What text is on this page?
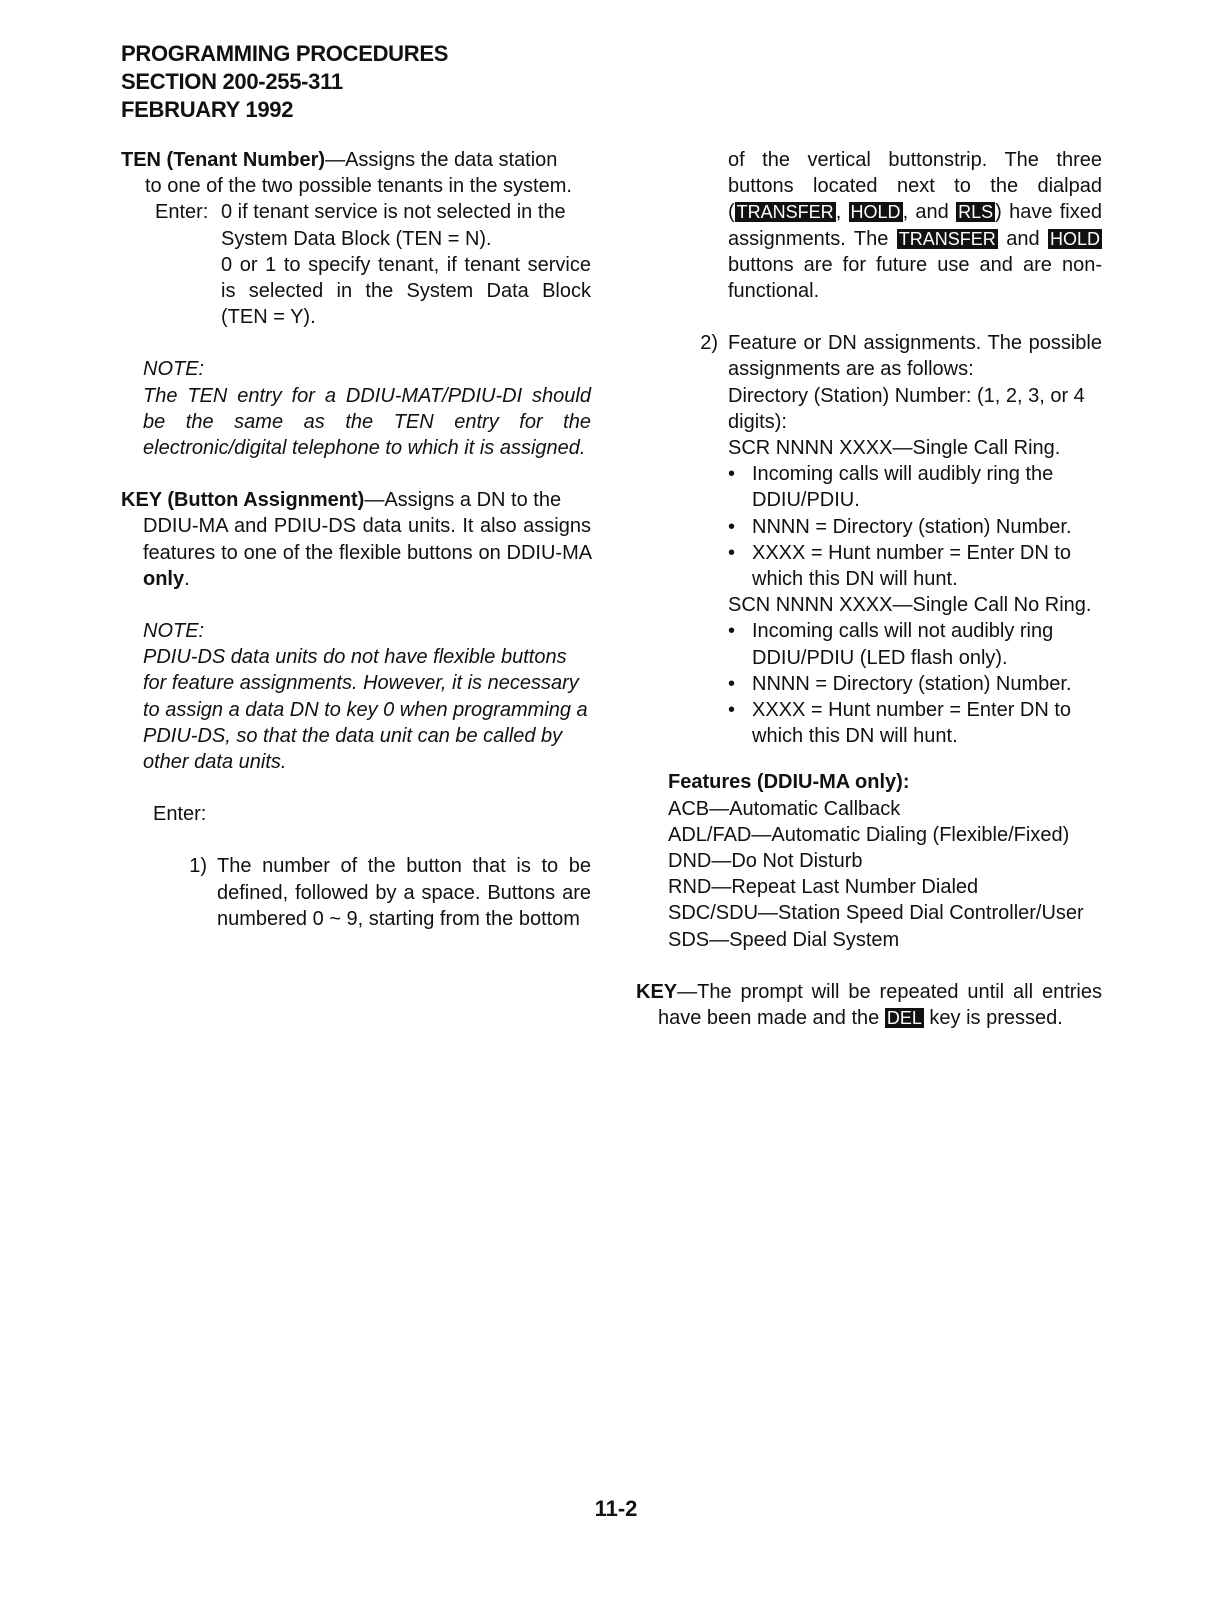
PROGRAMMING PROCEDURES
SECTION 200-255-311
FEBRUARY 1992

TEN (Tenant Number)—Assigns the data station

to one of the two possible tenants in the system.

Enter: 0 if tenant service is not selected in the

System Data Block (TEN = N).

0 or 1 to specify tenant, if tenant service is selected in the System Data Block (TEN = Y).

NOTE:

The TEN entry for a DDIU-MAT/PDIU-DI should be the same as the TEN entry for the electronic/digital telephone to which it is assigned.

KEY (Button Assignment)—Assigns a DN to the

DDIU-MA and PDIU-DS data units. It also assigns features to one of the flexible buttons on DDIU-MA only.

NOTE:

PDIU-DS data units do not have flexible buttons for feature assignments. However, it is necessary to assign a data DN to key 0 when programming a PDIU-DS, so that the data unit can be called by other data units.

Enter:

1) The number of the button that is to be defined, followed by a space. Buttons are numbered 0 ~ 9, starting from the bottom

of the vertical buttonstrip. The three buttons located next to the dialpad ( TRANSFER , HOLD , and RLS ) have fixed assignments. The TRANSFER and HOLD buttons are for future use and are non-functional.

2) Feature or DN assignments. The possible assignments are as follows:

Directory (Station) Number: (1, 2, 3, or 4 digits):

SCR NNNN XXXX—Single Call Ring.

• Incoming calls will audibly ring the DDIU/PDIU.
• NNNN = Directory (station) Number.
• XXXX = Hunt number = Enter DN to which this DN will hunt.

SCN NNNN XXXX—Single Call No Ring.

• Incoming calls will not audibly ring DDIU/PDIU (LED flash only).
• NNNN = Directory (station) Number.
• XXXX = Hunt number = Enter DN to which this DN will hunt.

Features (DDIU-MA only):

ACB—Automatic Callback

ADL/FAD—Automatic Dialing (Flexible/Fixed)

DND—Do Not Disturb

RND—Repeat Last Number Dialed

SDC/SDU—Station Speed Dial Controller/User

SDS—Speed Dial System

KEY—The prompt will be repeated until all entries have been made and the DEL key is pressed.

11-2
